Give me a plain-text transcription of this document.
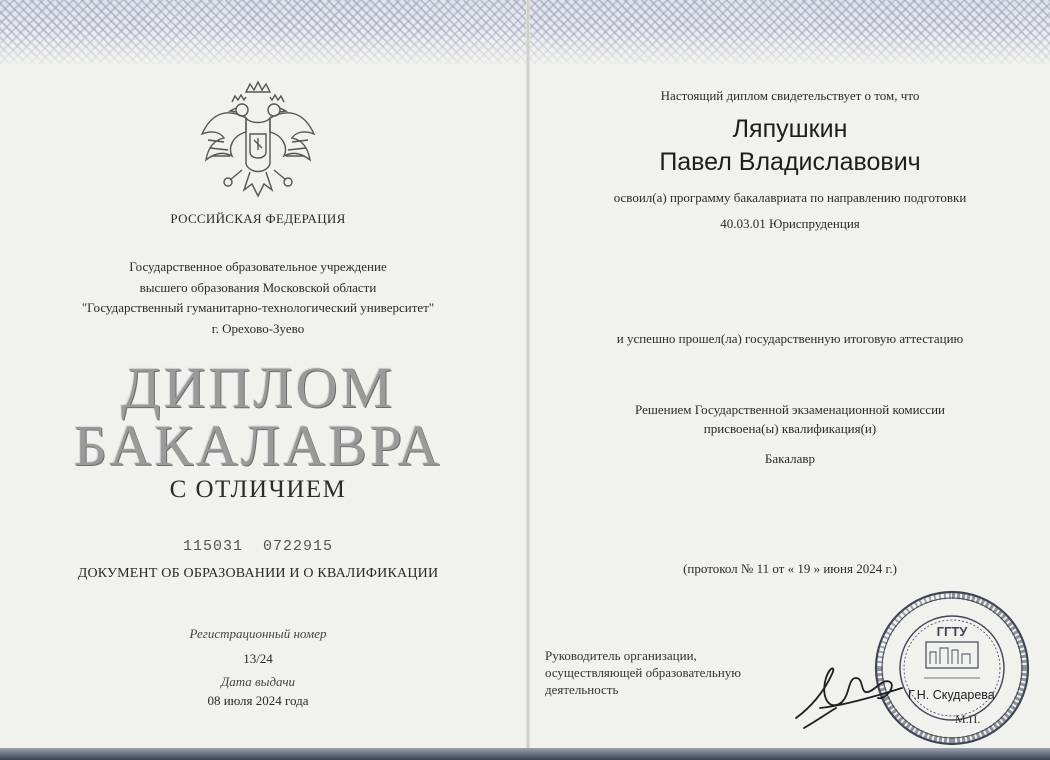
РОССИЙСКАЯ ФЕДЕРАЦИЯ
Государственное образовательное учреждение
высшего образования Московской области
"Государственный гуманитарно-технологический университет"
г. Орехово-Зуево
ДИПЛОМ
БАКАЛАВРА
С ОТЛИЧИЕМ
115031  0722915
ДОКУМЕНТ ОБ ОБРАЗОВАНИИ И О КВАЛИФИКАЦИИ
Регистрационный номер
13/24
Дата выдачи
08 июля 2024 года
Настоящий диплом свидетельствует о том, что
Ляпушкин
Павел Владиславович
освоил(а) программу бакалавриата по направлению подготовки
40.03.01 Юриспруденция
и успешно прошел(ла) государственную итоговую аттестацию
Решением Государственной экзаменационной комиссии
присвоена(ы) квалификация(и)
Бакалавр
(протокол № 11 от « 19 » июня 2024 г.)
Руководитель организации,
осуществляющей образовательную
деятельность
ГГТУ
Г.Н. Скударева
М.П.
